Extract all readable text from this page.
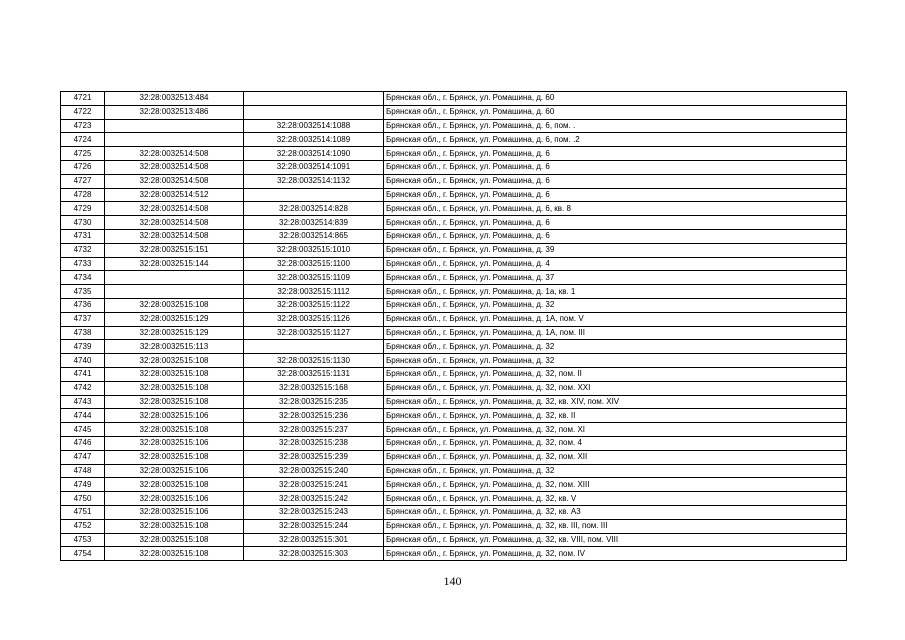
4721	32:28:0032513:484		Брянская обл., г. Брянск, ул. Ромашина, д. 60
4722	32:28:0032513:486		Брянская обл., г. Брянск, ул. Ромашина, д. 60
4723		32:28:0032514:1088	Брянская обл., г. Брянск, ул. Ромашина, д. 6, пом. .
4724		32:28:0032514:1089	Брянская обл., г. Брянск, ул. Ромашина, д. 6, пом. .2
4725	32:28:0032514:508	32:28:0032514:1090	Брянская обл., г. Брянск, ул. Ромашина, д. 6
4726	32:28:0032514:508	32:28:0032514:1091	Брянская обл., г. Брянск, ул. Ромашина, д. 6
4727	32:28:0032514:508	32:28:0032514:1132	Брянская обл., г. Брянск, ул. Ромашина, д. 6
4728	32:28:0032514:512		Брянская обл., г. Брянск, ул. Ромашина, д. 6
4729	32:28:0032514:508	32:28:0032514:828	Брянская обл., г. Брянск, ул. Ромашина, д. 6, кв. 8
4730	32:28:0032514:508	32:28:0032514:839	Брянская обл., г. Брянск, ул. Ромашина, д. 6
4731	32:28:0032514:508	32:28:0032514:865	Брянская обл., г. Брянск, ул. Ромашина, д. 6
4732	32:28:0032515:151	32:28:0032515:1010	Брянская обл., г. Брянск, ул. Ромашина, д. 39
4733	32:28:0032515:144	32:28:0032515:1100	Брянская обл., г. Брянск, ул. Ромашина, д. 4
4734		32:28:0032515:1109	Брянская обл., г. Брянск, ул. Ромашина, д. 37
4735		32:28:0032515:1112	Брянская обл., г. Брянск, ул. Ромашина, д. 1а, кв. 1
4736	32:28:0032515:108	32:28:0032515:1122	Брянская обл., г. Брянск, ул. Ромашина, д. 32
4737	32:28:0032515:129	32:28:0032515:1126	Брянская обл., г. Брянск, ул. Ромашина, д. 1А, пом. V
4738	32:28:0032515:129	32:28:0032515:1127	Брянская обл., г. Брянск, ул. Ромашина, д. 1А, пом. III
4739	32:28:0032515:113		Брянская обл., г. Брянск, ул. Ромашина, д. 32
4740	32:28:0032515:108	32:28:0032515:1130	Брянская обл., г. Брянск, ул. Ромашина, д. 32
4741	32:28:0032515:108	32:28:0032515:1131	Брянская обл., г. Брянск, ул. Ромашина, д. 32, пом. II
4742	32:28:0032515:108	32:28:0032515:168	Брянская обл., г. Брянск, ул. Ромашина, д. 32, пом. XXI
4743	32:28:0032515:108	32:28:0032515:235	Брянская обл., г. Брянск, ул. Ромашина, д. 32, кв. XIV, пом. XIV
4744	32:28:0032515:106	32:28:0032515:236	Брянская обл., г. Брянск, ул. Ромашина, д. 32, кв. II
4745	32:28:0032515:108	32:28:0032515:237	Брянская обл., г. Брянск, ул. Ромашина, д. 32, пом. XI
4746	32:28:0032515:106	32:28:0032515:238	Брянская обл., г. Брянск, ул. Ромашина, д. 32, пом. 4
4747	32:28:0032515:108	32:28:0032515:239	Брянская обл., г. Брянск, ул. Ромашина, д. 32, пом. XII
4748	32:28:0032515:106	32:28:0032515:240	Брянская обл., г. Брянск, ул. Ромашина, д. 32
4749	32:28:0032515:108	32:28:0032515:241	Брянская обл., г. Брянск, ул. Ромашина, д. 32, пом. XIII
4750	32:28:0032515:106	32:28:0032515:242	Брянская обл., г. Брянск, ул. Ромашина, д. 32, кв. V
4751	32:28:0032515:106	32:28:0032515:243	Брянская обл., г. Брянск, ул. Ромашина, д. 32, кв. А3
4752	32:28:0032515:108	32:28:0032515:244	Брянская обл., г. Брянск, ул. Ромашина, д. 32, кв. III, пом. III
4753	32:28:0032515:108	32:28:0032515:301	Брянская обл., г. Брянск, ул. Ромашина, д. 32, кв. VIII, пом. VIII
4754	32:28:0032515:108	32:28:0032515:303	Брянская обл., г. Брянск, ул. Ромашина, д. 32, пом. IV
140
